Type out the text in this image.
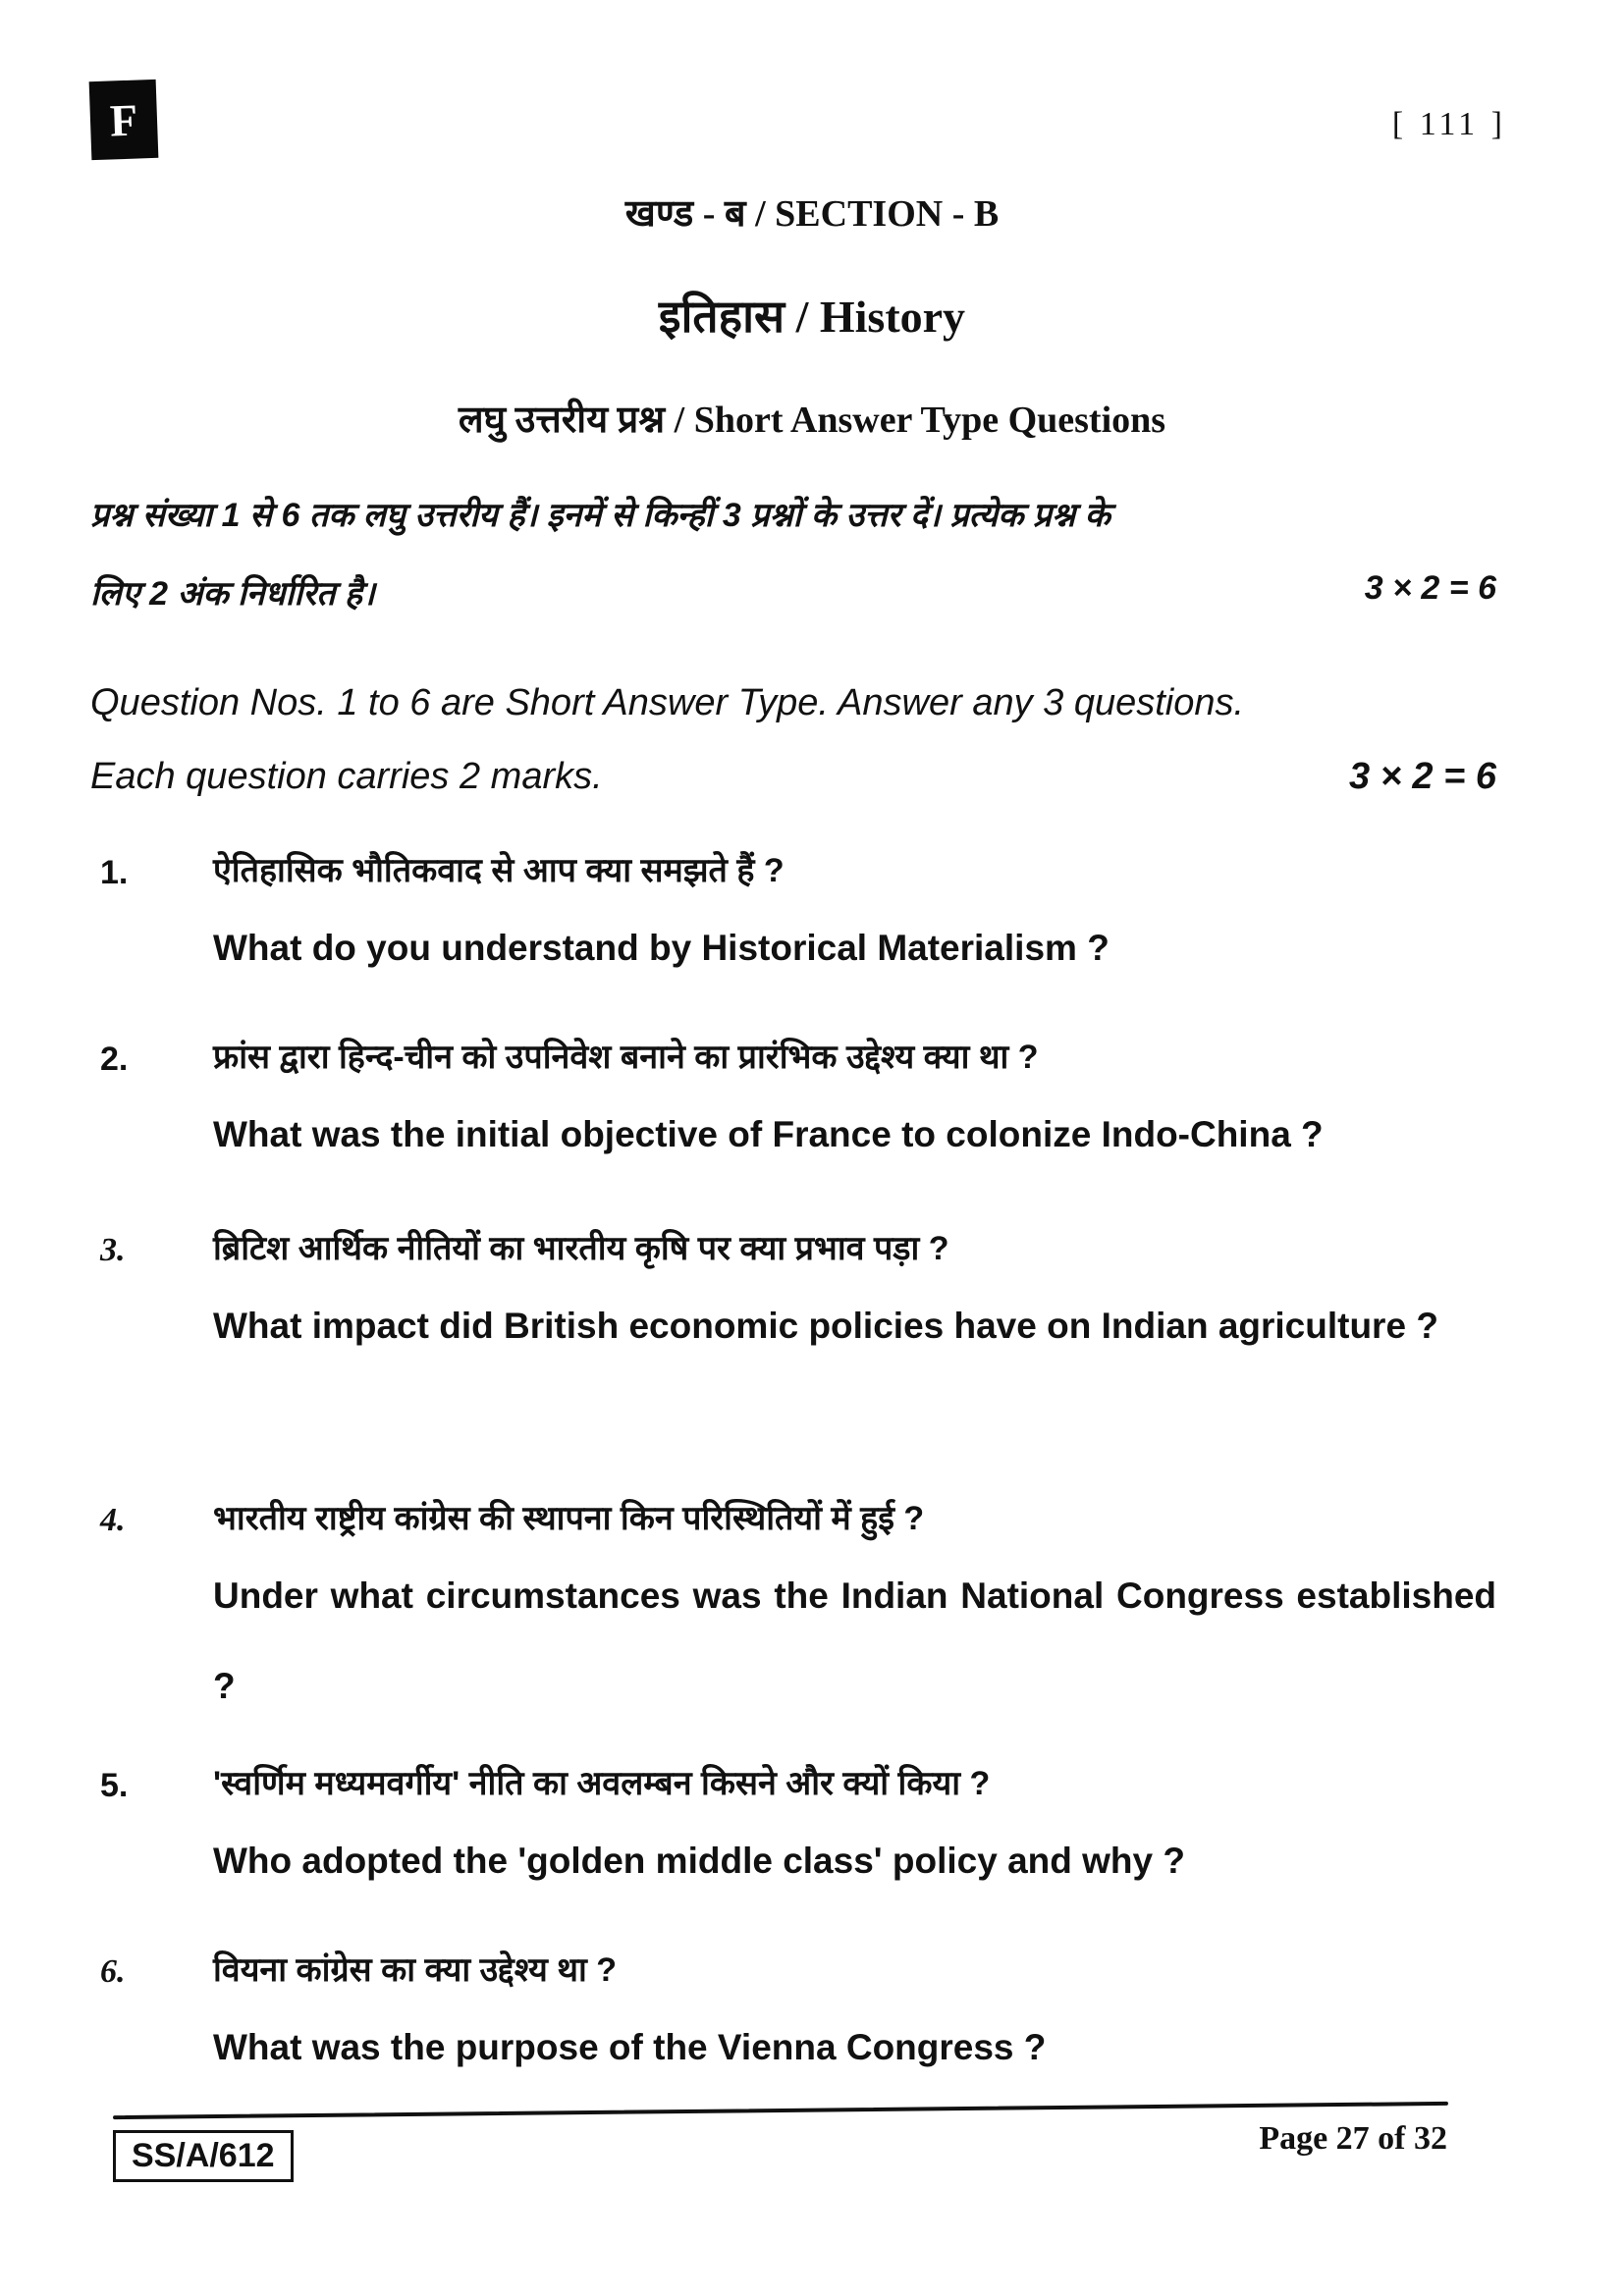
F	[ 111 ]
खण्ड - ब / SECTION - B
इतिहास / History
लघु उत्तरीय प्रश्न / Short Answer Type Questions
प्रश्न संख्या 1 से 6 तक लघु उत्तरीय हैं। इनमें से किन्हीं 3 प्रश्नों के उत्तर दें। प्रत्येक प्रश्न के
लिए 2 अंक निर्धारित है।	3 × 2 = 6
Question Nos. 1 to 6 are Short Answer Type. Answer any 3 questions.
Each question carries 2 marks.	3 × 2 = 6
1.	ऐतिहासिक भौतिकवाद से आप क्या समझते हैं ?
What do you understand by Historical Materialism ?
2.	फ्रांस द्वारा हिन्द-चीन को उपनिवेश बनाने का प्रारंभिक उद्देश्य क्या था ?
What was the initial objective of France to colonize Indo-China ?
3.	ब्रिटिश आर्थिक नीतियों का भारतीय कृषि पर क्या प्रभाव पड़ा ?
What impact did British economic policies have on Indian agriculture ?
4.	भारतीय राष्ट्रीय कांग्रेस की स्थापना किन परिस्थितियों में हुई ?
Under what circumstances was the Indian National Congress established ?
5.	'स्वर्णिम मध्यमवर्गीय' नीति का अवलम्बन किसने और क्यों किया ?
Who adopted the 'golden middle class' policy and why ?
6.	वियना कांग्रेस का क्या उद्देश्य था ?
What was the purpose of the Vienna Congress ?
SS/A/612	Page 27 of 32
